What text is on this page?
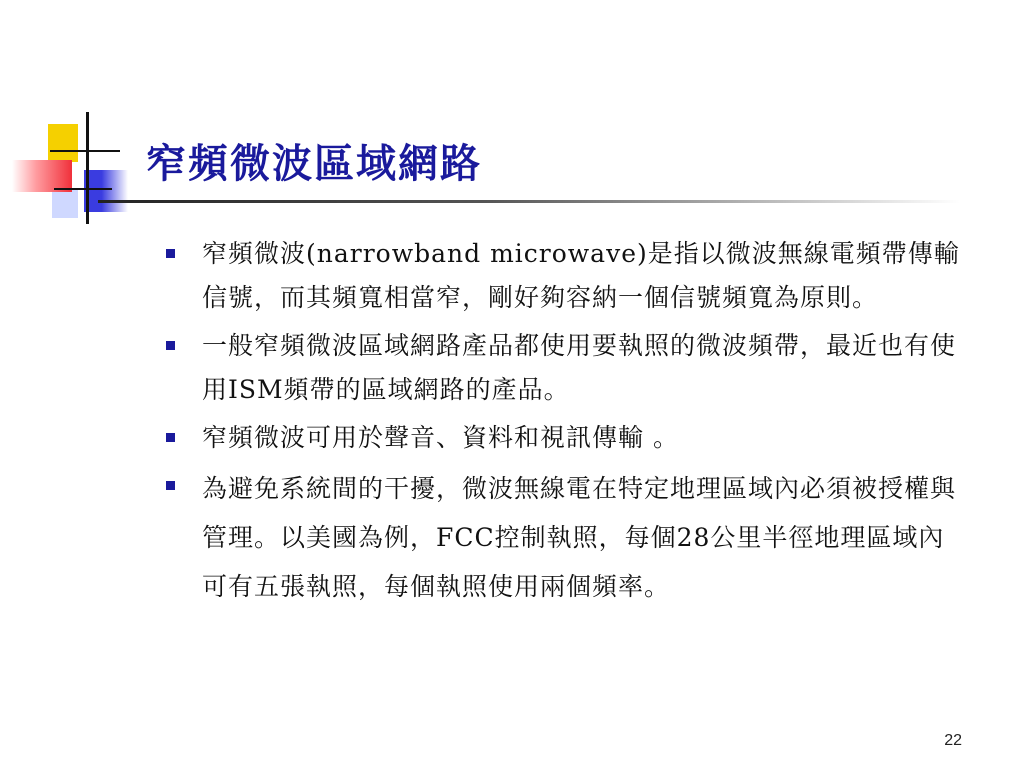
窄頻微波區域網路
窄頻微波(narrowband microwave)是指以微波無線電頻帶傳輸信號，而其頻寬相當窄，剛好夠容納一個信號頻寬為原則。
一般窄頻微波區域網路產品都使用要執照的微波頻帶，最近也有使用ISM頻帶的區域網路的產品。
窄頻微波可用於聲音、資料和視訊傳輸 。
為避免系統間的干擾，微波無線電在特定地理區域內必須被授權與管理。以美國為例，FCC控制執照，每個28公里半徑地理區域內可有五張執照，每個執照使用兩個頻率。
22
